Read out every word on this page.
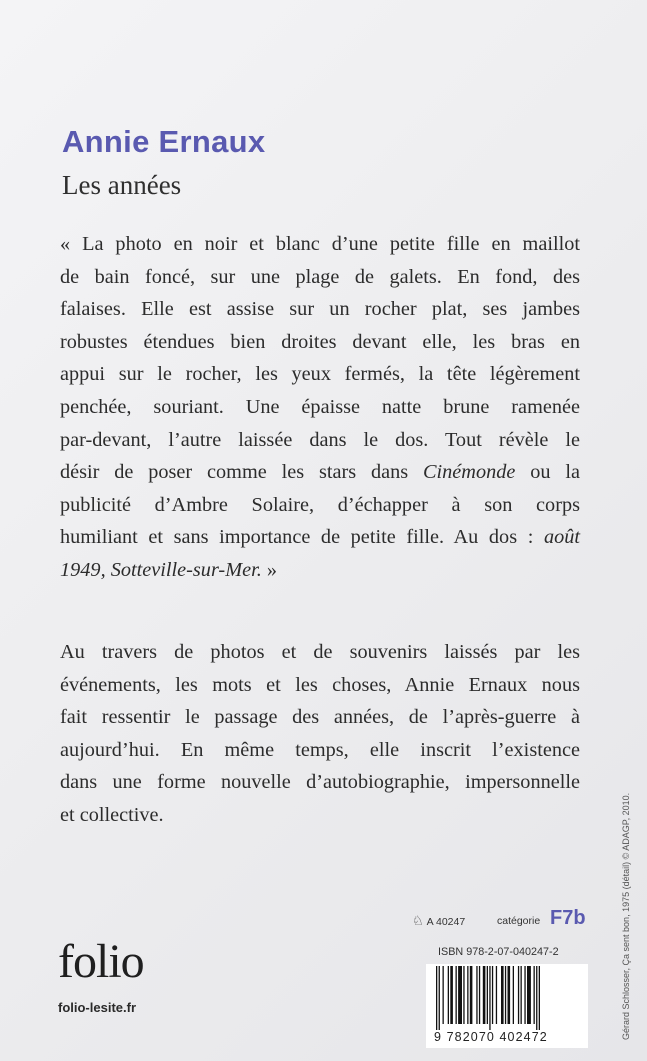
Annie Ernaux
Les années
« La photo en noir et blanc d’une petite fille en maillot
de bain foncé, sur une plage de galets. En fond, des
falaises. Elle est assise sur un rocher plat, ses jambes
robustes étendues bien droites devant elle, les bras en
appui sur le rocher, les yeux fermés, la tête légèrement
penchée, souriant. Une épaisse natte brune ramenée
par-devant, l’autre laissée dans le dos. Tout révèle le
désir de poser comme les stars dans Cinémonde ou la
publicité d’Ambre Solaire, d’échapper à son corps
humiliant et sans importance de petite fille. Au dos : août
1949, Sotteville-sur-Mer. »
Au travers de photos et de souvenirs laissés par les
événements, les mots et les choses, Annie Ernaux nous
fait ressentir le passage des années, de l’après-guerre à
aujourd’hui. En même temps, elle inscrit l’existence
dans une forme nouvelle d’autobiographie, impersonnelle
et collective.
folio
folio-lesite.fr
♘ A 40247	catégorie F7b
ISBN 978-2-07-040247-2
9 782070 402472	Gérard Schlosser, Ça sent bon, 1975 (détail) © ADAGP, 2010.
